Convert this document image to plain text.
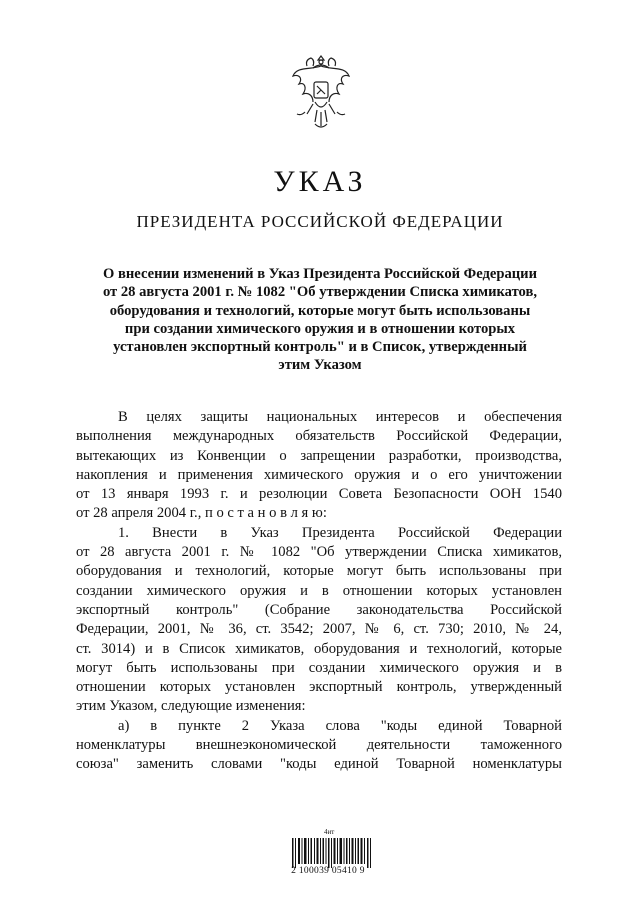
УКАЗ
ПРЕЗИДЕНТА РОССИЙСКОЙ ФЕДЕРАЦИИ
О внесении изменений в Указ Президента Российской Федерации
от 28 августа 2001 г. № 1082 "Об утверждении Списка химикатов,
оборудования и технологий, которые могут быть использованы
при создании химического оружия и в отношении которых
установлен экспортный контроль" и в Список, утвержденный
этим Указом
В целях защиты национальных интересов и обеспечения
выполнения международных обязательств Российской Федерации,
вытекающих из Конвенции о запрещении разработки, производства,
накопления и применения химического оружия и о его уничтожении
от 13 января 1993 г. и резолюции Совета Безопасности ООН 1540
от 28 апреля 2004 г., п о с т а н о в л я ю:
1. Внести в Указ Президента Российской Федерации
от 28 августа 2001 г. № 1082 "Об утверждении Списка химикатов,
оборудования и технологий, которые могут быть использованы при
создании химического оружия и в отношении которых установлен
экспортный контроль" (Собрание законодательства Российской
Федерации, 2001, № 36, ст. 3542; 2007, № 6, ст. 730; 2010, № 24,
ст. 3014) и в Список химикатов, оборудования и технологий, которые
могут быть использованы при создании химического оружия и в
отношении которых установлен экспортный контроль, утвержденный
этим Указом, следующие изменения:
а) в пункте 2 Указа слова "коды единой Товарной
номенклатуры внешнеэкономической деятельности таможенного
союза" заменить словами "коды единой Товарной номенклатуры
4ит
2 100039 05410 9
